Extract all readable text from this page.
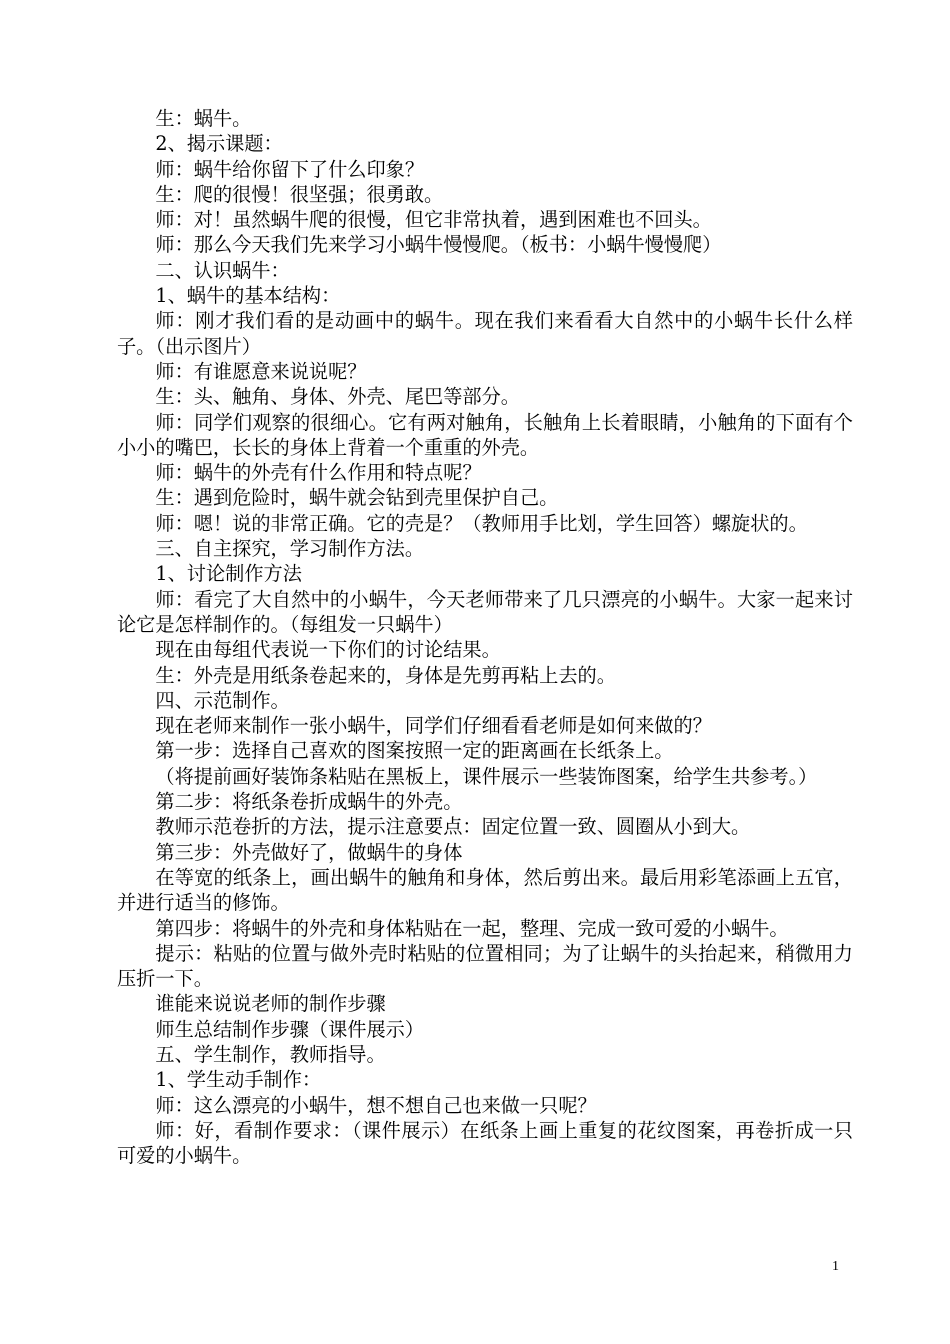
生：蜗牛。

2、揭示课题：

师：蜗牛给你留下了什么印象？

生：爬的很慢！很坚强；很勇敢。

师：对！虽然蜗牛爬的很慢，但它非常执着，遇到困难也不回头。

师：那么今天我们先来学习小蜗牛慢慢爬。（板书：小蜗牛慢慢爬）

二、认识蜗牛：

1、蜗牛的基本结构：

师：刚才我们看的是动画中的蜗牛。现在我们来看看大自然中的小蜗牛长什么样子。（出示图片）

师：有谁愿意来说说呢？

生：头、触角、身体、外壳、尾巴等部分。

师：同学们观察的很细心。它有两对触角，长触角上长着眼睛，小触角的下面有个小小的嘴巴，长长的身体上背着一个重重的外壳。

师：蜗牛的外壳有什么作用和特点呢？

生：遇到危险时，蜗牛就会钻到壳里保护自己。

师：嗯！说的非常正确。它的壳是？（教师用手比划，学生回答）螺旋状的。

三、自主探究，学习制作方法。

1、讨论制作方法

师：看完了大自然中的小蜗牛，今天老师带来了几只漂亮的小蜗牛。大家一起来讨论它是怎样制作的。（每组发一只蜗牛）

现在由每组代表说一下你们的讨论结果。

生：外壳是用纸条卷起来的，身体是先剪再粘上去的。

四、示范制作。

现在老师来制作一张小蜗牛，同学们仔细看看老师是如何来做的？

第一步：选择自己喜欢的图案按照一定的距离画在长纸条上。

（将提前画好装饰条粘贴在黑板上，课件展示一些装饰图案，给学生共参考。）

第二步：将纸条卷折成蜗牛的外壳。

教师示范卷折的方法，提示注意要点：固定位置一致、圆圈从小到大。

第三步：外壳做好了，做蜗牛的身体

在等宽的纸条上，画出蜗牛的触角和身体，然后剪出来。最后用彩笔添画上五官，并进行适当的修饰。

第四步：将蜗牛的外壳和身体粘贴在一起，整理、完成一致可爱的小蜗牛。

提示：粘贴的位置与做外壳时粘贴的位置相同；为了让蜗牛的头抬起来，稍微用力压折一下。

谁能来说说老师的制作步骤

师生总结制作步骤（课件展示）

五、学生制作，教师指导。

1、学生动手制作：

师：这么漂亮的小蜗牛，想不想自己也来做一只呢？

师：好，看制作要求：（课件展示）在纸条上画上重复的花纹图案，再卷折成一只可爱的小蜗牛。

1
